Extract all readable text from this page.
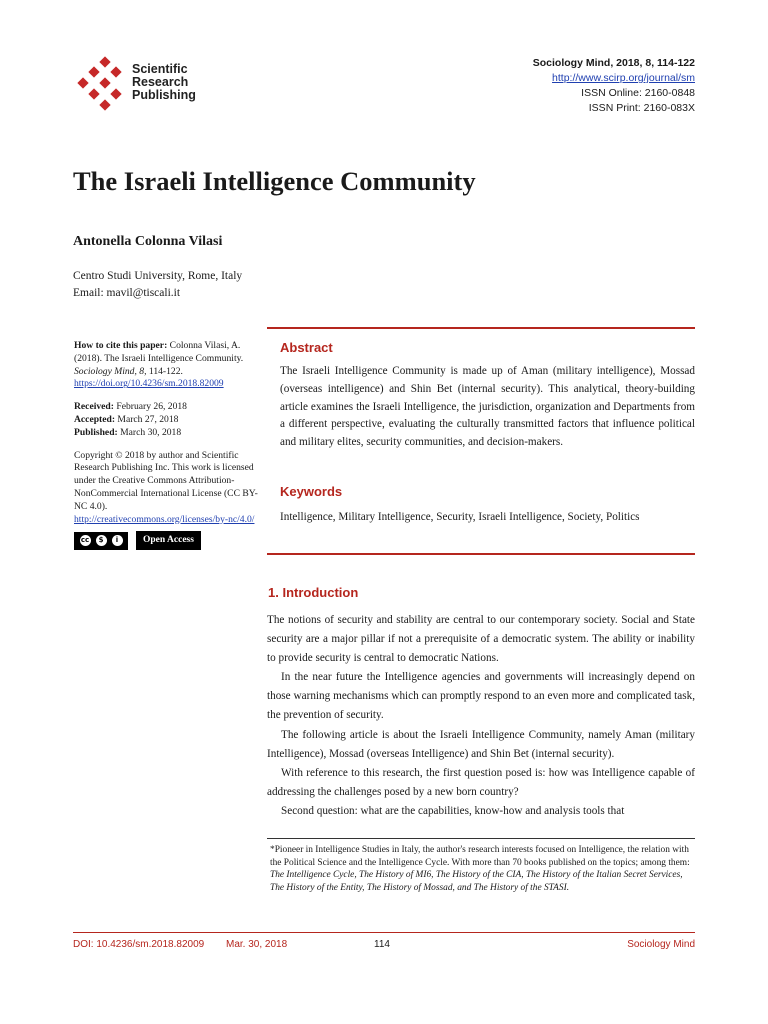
Scientific
Research
Publishing
Sociology Mind, 2018, 8, 114-122
http://www.scirp.org/journal/sm
ISSN Online: 2160-0848
ISSN Print: 2160-083X
The Israeli Intelligence Community
Antonella Colonna Vilasi
Centro Studi University, Rome, Italy
Email: mavil@tiscali.it

How to cite this paper: Colonna Vilasi, A. (2018). The Israeli Intelligence Community. Sociology Mind, 8, 114-122.
https://doi.org/10.4236/sm.2018.82009

Received: February 26, 2018
Accepted: March 27, 2018
Published: March 30, 2018

Copyright © 2018 by author and Scientific Research Publishing Inc. This work is licensed under the Creative Commons Attribution-NonCommercial International License (CC BY-NC 4.0).

http://creativecommons.org/licenses/by-nc/4.0/

cc	$	i	Open Access
Abstract
The Israeli Intelligence Community is made up of Aman (military intelligence), Mossad (overseas intelligence) and Shin Bet (internal security). This analytical, theory-building article examines the Israeli Intelligence, the jurisdiction, organization and Departments from a different perspective, evaluating the culturally transmitted factors that influence political and military elites, security communities, and decision-makers.
Keywords
Intelligence, Military Intelligence, Security, Israeli Intelligence, Society, Politics
1. Introduction

The notions of security and stability are central to our contemporary society. Social and State security are a major pillar if not a prerequisite of a democratic system. The ability or inability to provide security is central to democratic Nations.

In the near future the Intelligence agencies and governments will increasingly depend on those warning mechanisms which can promptly respond to an even more and complicated task, the prevention of security.

The following article is about the Israeli Intelligence Community, namely Aman (military Intelligence), Mossad (overseas Intelligence) and Shin Bet (internal security).

With reference to this research, the first question posed is: how was Intelligence capable of addressing the challenges posed by a new born country?

Second question: what are the capabilities, know-how and analysis tools that

*Pioneer in Intelligence Studies in Italy, the author's research interests focused on Intelligence, the relation with the Political Science and the Intelligence Cycle. With more than 70 books published on the topics; among them: The Intelligence Cycle, The History of MI6, The History of the CIA, The History of the Italian Secret Services, The History of the Entity, The History of Mossad, and The History of the STASI.
DOI: 10.4236/sm.2018.82009 Mar. 30, 2018	114	Sociology Mind
